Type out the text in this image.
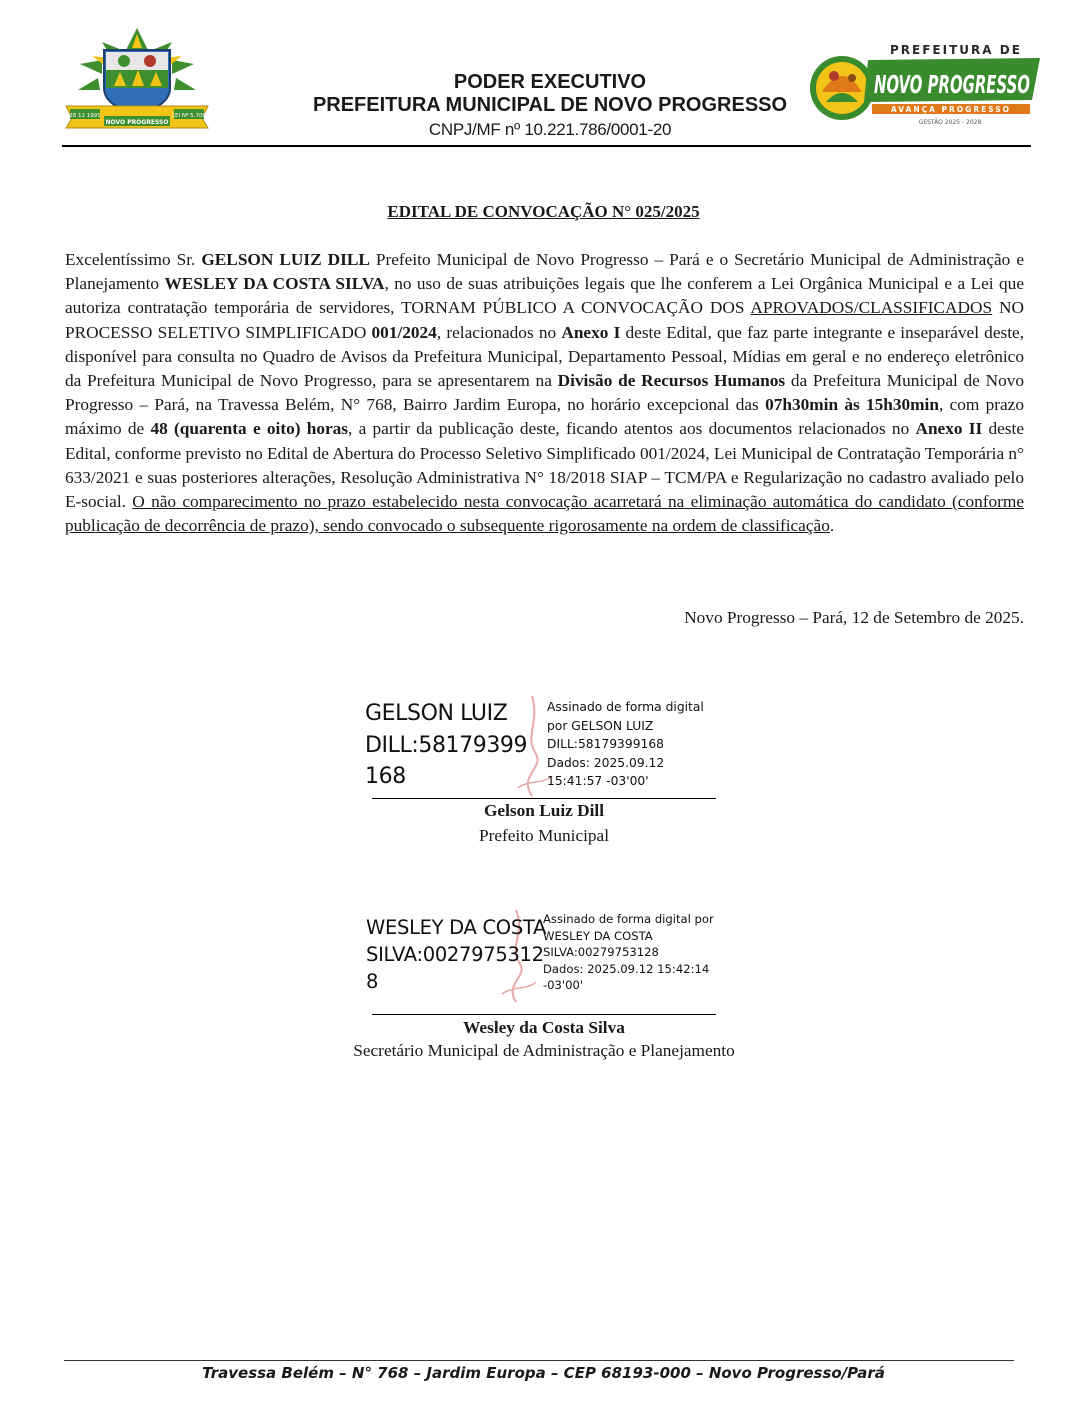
28 12 1991
NOVO PROGRESSO
LEI Nº 5.700
PODER EXECUTIVO
PREFEITURA MUNICIPAL DE NOVO PROGRESSO
CNPJ/MF nº 10.221.786/0001-20
PREFEITURA DE
NOVO PROGRESSO
AVANÇA PROGRESSO
GESTÃO 2025 - 2028
EDITAL DE CONVOCAÇÃO N° 025/2025
Excelentíssimo Sr. GELSON LUIZ DILL Prefeito Municipal de Novo Progresso – Pará e o Secretário Municipal de Administração e Planejamento WESLEY DA COSTA SILVA, no uso de suas atribuições legais que lhe conferem a Lei Orgânica Municipal e a Lei que autoriza contratação temporária de servidores, TORNAM PÚBLICO A CONVOCAÇÃO DOS APROVADOS/CLASSIFICADOS NO PROCESSO SELETIVO SIMPLIFICADO 001/2024, relacionados no Anexo I deste Edital, que faz parte integrante e inseparável deste, disponível para consulta no Quadro de Avisos da Prefeitura Municipal, Departamento Pessoal, Mídias em geral e no endereço eletrônico da Prefeitura Municipal de Novo Progresso, para se apresentarem na Divisão de Recursos Humanos da Prefeitura Municipal de Novo Progresso – Pará, na Travessa Belém, N° 768, Bairro Jardim Europa, no horário excepcional das 07h30min às 15h30min, com prazo máximo de 48 (quarenta e oito) horas, a partir da publicação deste, ficando atentos aos documentos relacionados no Anexo II deste Edital, conforme previsto no Edital de Abertura do Processo Seletivo Simplificado 001/2024, Lei Municipal de Contratação Temporária n° 633/2021 e suas posteriores alterações, Resolução Administrativa N° 18/2018 SIAP – TCM/PA e Regularização no cadastro avaliado pelo E-social. O não comparecimento no prazo estabelecido nesta convocação acarretará na eliminação automática do candidato (conforme publicação de decorrência de prazo), sendo convocado o subsequente rigorosamente na ordem de classificação.
Novo Progresso – Pará, 12 de Setembro de 2025.
GELSON LUIZ
DILL:58179399
168
Assinado de forma digital
por GELSON LUIZ
DILL:58179399168
Dados: 2025.09.12
15:41:57 -03'00'
Gelson Luiz Dill
Prefeito Municipal
WESLEY DA COSTA
SILVA:0027975312
8
Assinado de forma digital por
WESLEY DA COSTA
SILVA:00279753128
Dados: 2025.09.12 15:42:14
-03'00'
Wesley da Costa Silva
Secretário Municipal de Administração e Planejamento
Travessa Belém – N° 768 – Jardim Europa – CEP 68193-000 – Novo Progresso/Pará
